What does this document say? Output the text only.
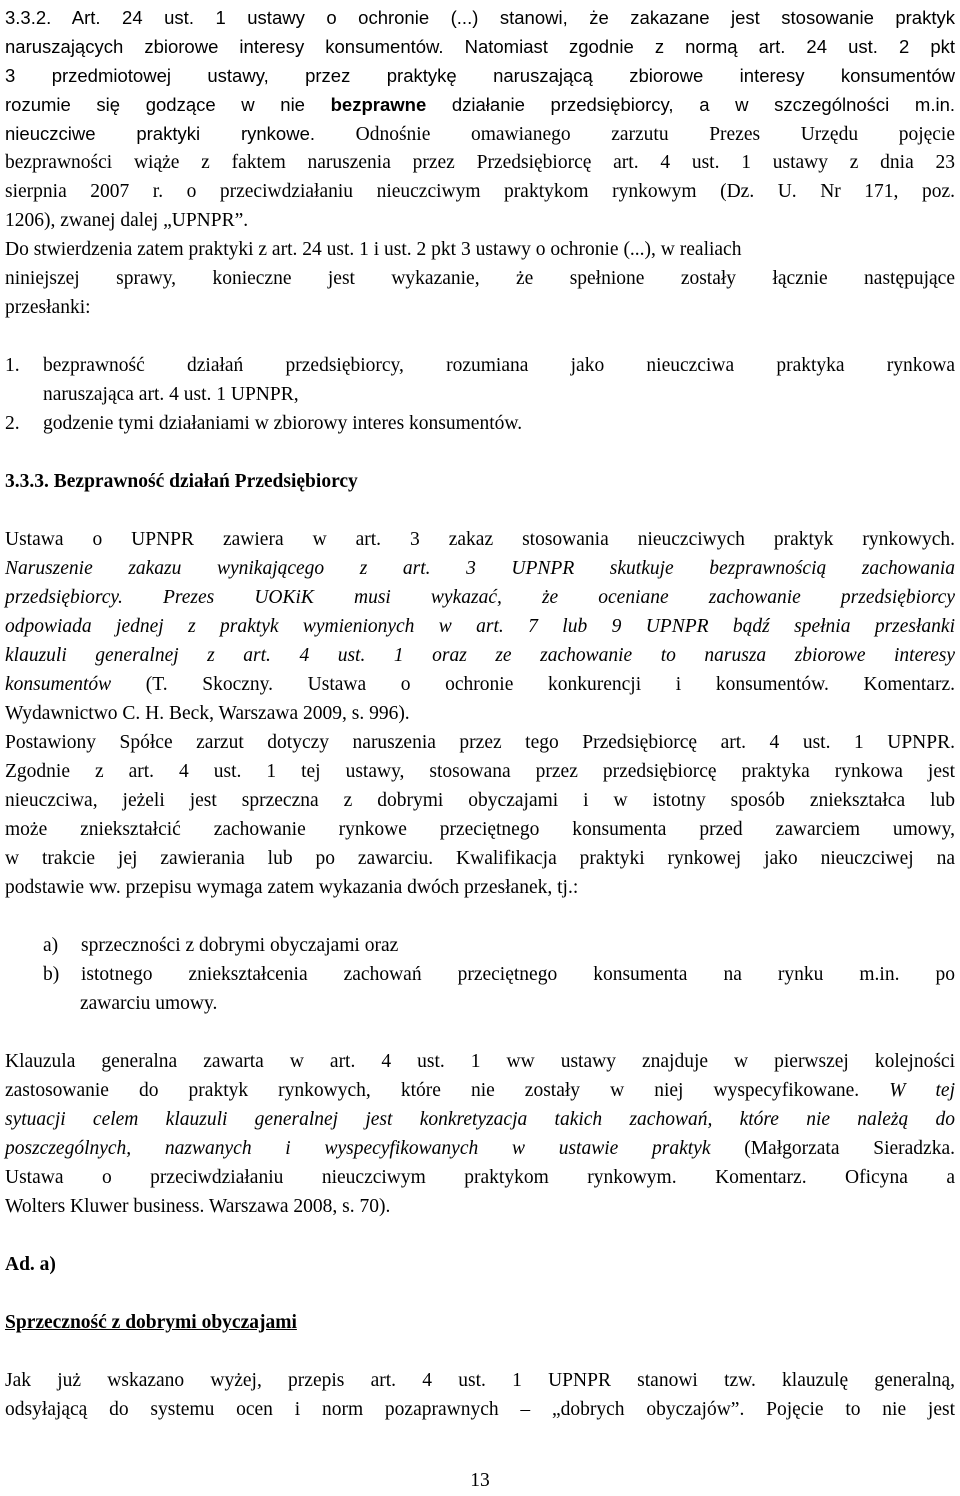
3.3.2. Art. 24 ust. 1 ustawy o ochronie (...) stanowi, że zakazane jest stosowanie praktyk
naruszających zbiorowe interesy konsumentów. Natomiast zgodnie z normą art. 24 ust. 2 pkt
3 przedmiotowej ustawy, przez praktykę naruszającą zbiorowe interesy konsumentów
rozumie się godzące w nie bezprawne działanie przedsiębiorcy, a w szczególności m.in.
nieuczciwe praktyki rynkowe. Odnośnie omawianego zarzutu Prezes Urzędu pojęcie
bezprawności wiąże z faktem naruszenia przez Przedsiębiorcę art. 4 ust. 1 ustawy z dnia 23
sierpnia 2007 r. o przeciwdziałaniu nieuczciwym praktykom rynkowym (Dz. U. Nr 171, poz.
1206), zwanej dalej „UPNPR”.
Do stwierdzenia zatem praktyki z art. 24 ust. 1 i ust. 2 pkt 3 ustawy o ochronie (...), w realiach
niniejszej sprawy, konieczne jest wykazanie, że spełnione zostały łącznie następujące
przesłanki:
1. bezprawność działań przedsiębiorcy, rozumiana jako nieuczciwa praktyka rynkowa
naruszająca art. 4 ust. 1 UPNPR,
2. godzenie tymi działaniami w zbiorowy interes konsumentów.
3.3.3. Bezprawność działań Przedsiębiorcy
Ustawa o UPNPR zawiera w art. 3 zakaz stosowania nieuczciwych praktyk rynkowych.
Naruszenie zakazu wynikającego z art. 3 UPNPR skutkuje bezprawnością zachowania
przedsiębiorcy. Prezes UOKiK musi wykazać, że oceniane zachowanie przedsiębiorcy
odpowiada jednej z praktyk wymienionych w art. 7 lub 9 UPNPR bądź spełnia przesłanki
klauzuli generalnej z art. 4 ust. 1 oraz ze zachowanie to narusza zbiorowe interesy
konsumentów (T. Skoczny. Ustawa o ochronie konkurencji i konsumentów. Komentarz.
Wydawnictwo C. H. Beck, Warszawa 2009, s. 996).
Postawiony Spółce zarzut dotyczy naruszenia przez tego Przedsiębiorcę art. 4 ust. 1 UPNPR.
Zgodnie z art. 4 ust. 1 tej ustawy, stosowana przez przedsiębiorcę praktyka rynkowa jest
nieuczciwa, jeżeli jest sprzeczna z dobrymi obyczajami i w istotny sposób zniekształca lub
może zniekształcić zachowanie rynkowe przeciętnego konsumenta przed zawarciem umowy,
w trakcie jej zawierania lub po zawarciu. Kwalifikacja praktyki rynkowej jako nieuczciwej na
podstawie ww. przepisu wymaga zatem wykazania dwóch przesłanek, tj.:
a) sprzeczności z dobrymi obyczajami oraz
b) istotnego zniekształcenia zachowań przeciętnego konsumenta na rynku m.in. po
zawarciu umowy.
Klauzula generalna zawarta w art. 4 ust. 1 ww ustawy znajduje w pierwszej kolejności
zastosowanie do praktyk rynkowych, które nie zostały w niej wyspecyfikowane. W tej
sytuacji celem klauzuli generalnej jest konkretyzacja takich zachowań, które nie należą do
poszczególnych, nazwanych i wyspecyfikowanych w ustawie praktyk (Małgorzata Sieradzka.
Ustawa o przeciwdziałaniu nieuczciwym praktykom rynkowym. Komentarz. Oficyna a
Wolters Kluwer business. Warszawa 2008, s. 70).
Ad. a)
Sprzeczność z dobrymi obyczajami
Jak już wskazano wyżej, przepis art. 4 ust. 1 UPNPR stanowi tzw. klauzulę generalną,
odsyłającą do systemu ocen i norm pozaprawnych – „dobrych obyczajów”. Pojęcie to nie jest
13
